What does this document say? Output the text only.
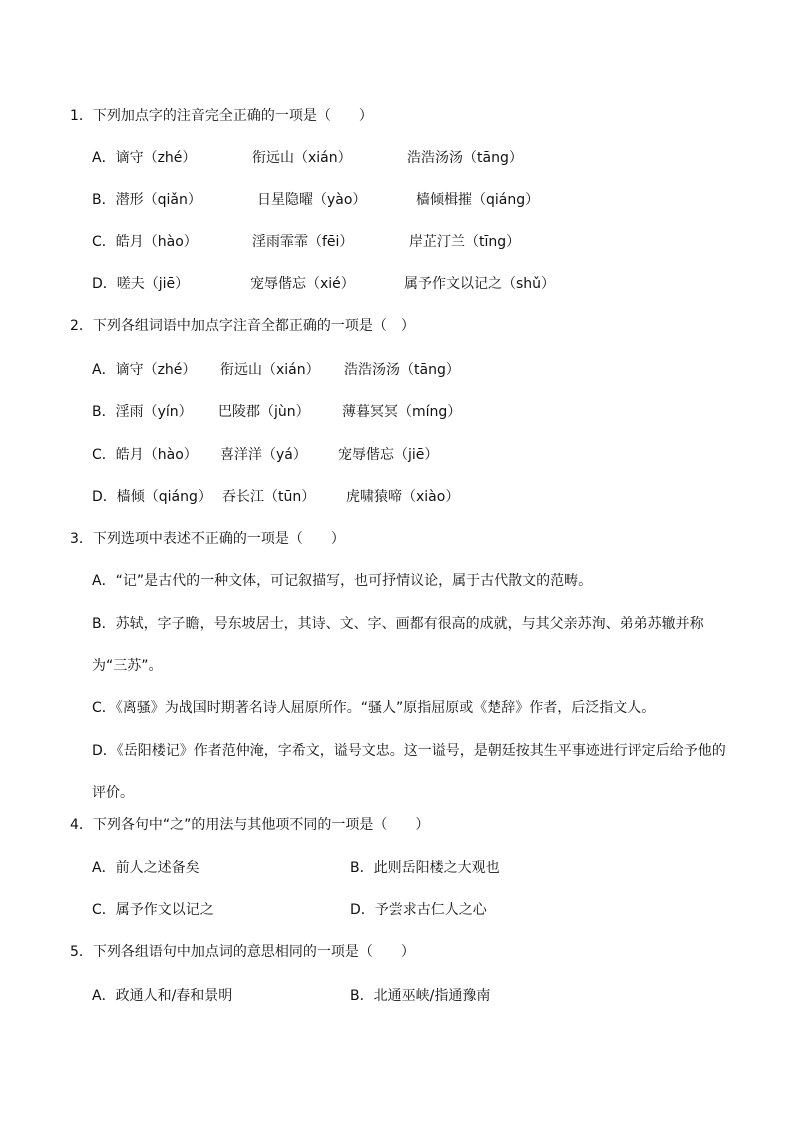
1．下列加点字的注音完全正确的一项是（　　）
A．谪守（zhé）	衔远山（xián）	浩浩汤汤（tāng）
B．潜形（qiǎn）	日星隐曜（yào）	樯倾楫摧（qiáng）
C．皓月（hào）	淫雨霏霏（fēi）	岸芷汀兰（tīng）
D．嗟夫（jiē）	宠辱偕忘（xié）	属予作文以记之（shǔ）
2．下列各组词语中加点字注音全都正确的一项是（　）
A．谪守（zhé） 衔远山（xián） 浩浩汤汤（tāng）
B．淫雨（yín） 巴陵郡（jùn） 薄暮冥冥（míng）
C．皓月（hào） 喜洋洋（yá） 宠辱偕忘（jiē）
D．樯倾（qiáng） 吞长江（tūn） 虎啸猿啼（xiào）
3．下列选项中表述不正确的一项是（　　）
A．“记”是古代的一种文体，可记叙描写，也可抒情议论，属于古代散文的范畴。
B．苏轼，字子瞻，号东坡居士，其诗、文、字、画都有很高的成就，与其父亲苏洵、弟弟苏辙并称为“三苏”。
C．《离骚》为战国时期著名诗人屈原所作。“骚人”原指屈原或《楚辞》作者，后泛指文人。
D．《岳阳楼记》作者范仲淹，字希文，谥号文忠。这一谥号，是朝廷按其生平事迹进行评定后给予他的评价。
4．下列各句中“之”的用法与其他项不同的一项是（　　）
A．前人之述备矣	B．此则岳阳楼之大观也
C．属予作文以记之	D．予尝求古仁人之心
5．下列各组语句中加点词的意思相同的一项是（　　）
A．政通人和/春和景明	B．北通巫峡/指通豫南
